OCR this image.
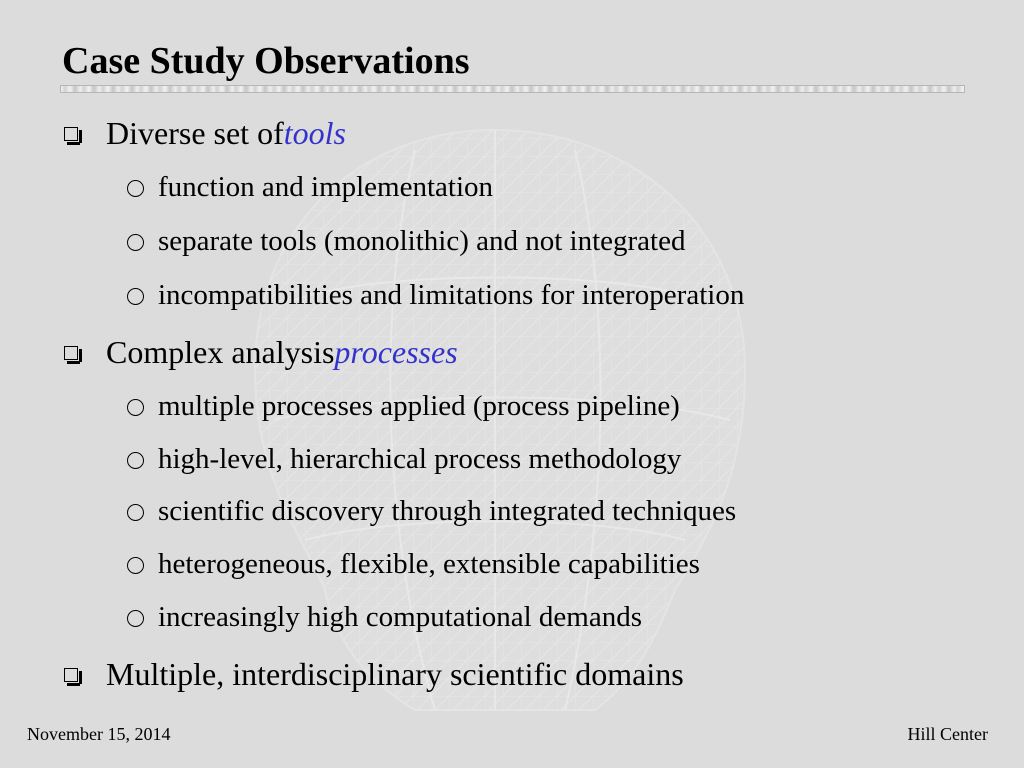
Case Study Observations
Diverse set of tools
function and implementation
separate tools (monolithic) and not integrated
incompatibilities and limitations for interoperation
Complex analysis processes
multiple processes applied (process pipeline)
high-level, hierarchical process methodology
scientific discovery through integrated techniques
heterogeneous, flexible, extensible capabilities
increasingly high computational demands
Multiple, interdisciplinary scientific domains
November 15, 2014	Hill Center
